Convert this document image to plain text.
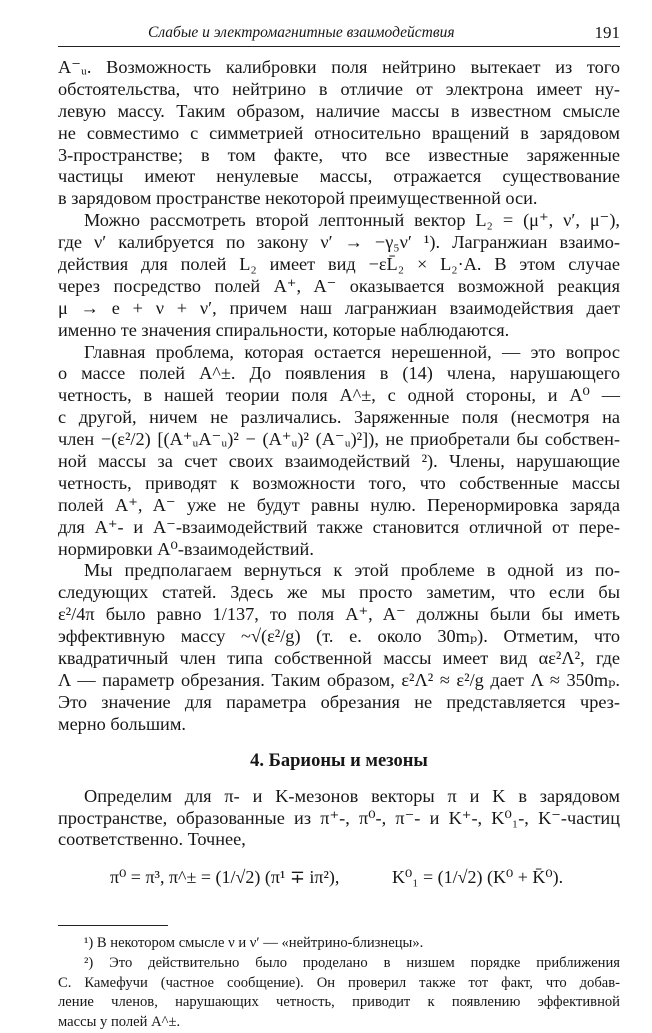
Слабые и электромагнитные взаимодействия	191
A⁻ᵤ. Возможность калибровки поля нейтрино вытекает из того
обстоятельства, что нейтрино в отличие от электрона имеет ну-
левую массу. Таким образом, наличие массы в известном смысле
не совместимо с симметрией относительно вращений в зарядовом
3-пространстве; в том факте, что все известные заряженные
частицы имеют ненулевые массы, отражается существование
в зарядовом пространстве некоторой преимущественной оси.
Можно рассмотреть второй лептонный вектор L₂ = (μ⁺, ν′, μ⁻),
где ν′ калибруется по закону ν′ → −γ₅ν′ ¹). Лагранжиан взаимо-
действия для полей L₂ имеет вид −εL̄₂ × L₂·A. В этом случае
через посредство полей A⁺, A⁻ оказывается возможной реакция
μ → e + ν + ν′, причем наш лагранжиан взаимодействия дает
именно те значения спиральности, которые наблюдаются.
Главная проблема, которая остается нерешенной, — это вопрос
о массе полей A^±. До появления в (14) члена, нарушающего
четность, в нашей теории поля A^±, с одной стороны, и A⁰ —
с другой, ничем не различались. Заряженные поля (несмотря на
член −(ε²/2) [(A⁺ᵤA⁻ᵤ)² − (A⁺ᵤ)² (A⁻ᵤ)²]), не приобретали бы собствен-
ной массы за счет своих взаимодействий ²). Члены, нарушающие
четность, приводят к возможности того, что собственные массы
полей A⁺, A⁻ уже не будут равны нулю. Перенормировка заряда
для A⁺- и A⁻-взаимодействий также становится отличной от пере-
нормировки A⁰-взаимодействий.
Мы предполагаем вернуться к этой проблеме в одной из по-
следующих статей. Здесь же мы просто заметим, что если бы
ε²/4π было равно 1/137, то поля A⁺, A⁻ должны были бы иметь
эффективную массу ~√(ε²/g) (т. е. около 30mₚ). Отметим, что
квадратичный член типа собственной массы имеет вид αε²Λ², где
Λ — параметр обрезания. Таким образом, ε²Λ² ≈ ε²/g дает Λ ≈ 350mₚ.
Это значение для параметра обрезания не представляется чрез-
мерно большим.
4. Барионы и мезоны
Определим для π- и K-мезонов векторы π и K в зарядовом
пространстве, образованные из π⁺-, π⁰-, π⁻- и K⁺-, K⁰₁-, K⁻-частиц
соответственно. Точнее,
π⁰ = π³, π^± = (1/√2) (π¹ ∓ iπ²),	K⁰₁ = (1/√2) (K⁰ + K̄⁰).
¹) В некотором смысле ν и ν′ — «нейтрино-близнецы».
²) Это действительно было проделано в низшем порядке приближения
С. Камефучи (частное сообщение). Он проверил также тот факт, что добав-
ление членов, нарушающих четность, приводит к появлению эффективной
массы у полей A^±.
